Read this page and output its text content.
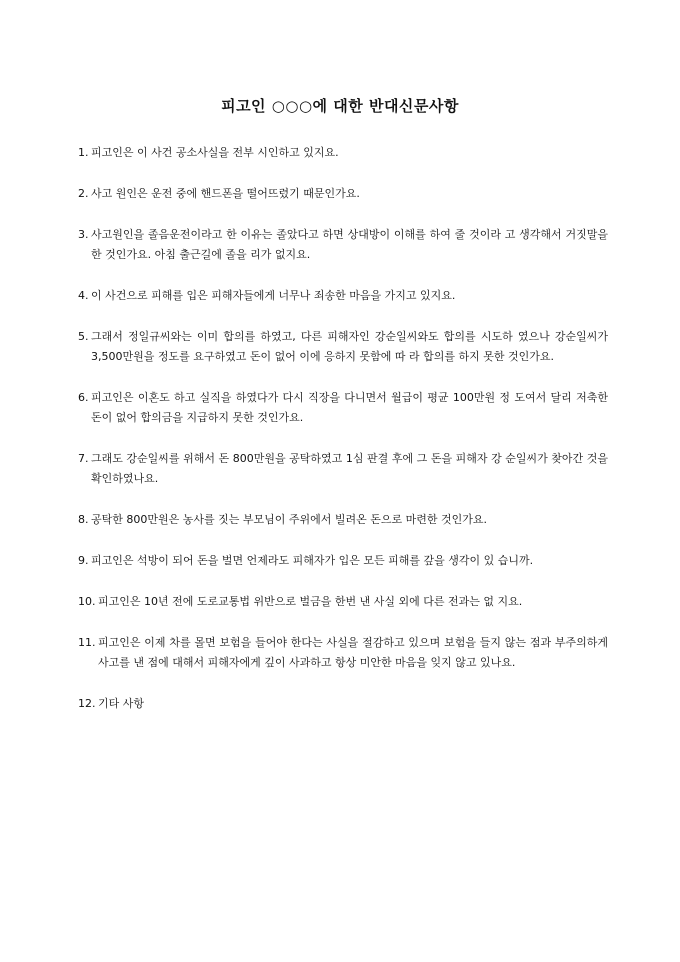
피고인 ○○○에 대한 반대신문사항
1. 피고인은 이 사건 공소사실을 전부 시인하고 있지요.
2. 사고 원인은 운전 중에 핸드폰을 떨어뜨렸기 때문인가요.
3. 사고원인을 졸음운전이라고 한 이유는 졸았다고 하면 상대방이 이해를 하여 줄 것이라 고 생각해서 거짓말을 한 것인가요. 아침 출근길에 졸을 리가 없지요.
4. 이 사건으로 피해를 입은 피해자들에게 너무나 죄송한 마음을 가지고 있지요.
5. 그래서 정일규씨와는 이미 합의를 하였고, 다른 피해자인 강순일씨와도 합의를 시도하 였으나 강순일씨가 3,500만원을 정도를 요구하였고 돈이 없어 이에 응하지 못함에 따 라 합의를 하지 못한 것인가요.
6. 피고인은 이혼도 하고 실직을 하였다가 다시 직장을 다니면서 월급이 평균 100만원 정 도여서 달리 저축한 돈이 없어 합의금을 지급하지 못한 것인가요.
7. 그래도 강순일씨를 위해서 돈 800만원을 공탁하였고 1심 판결 후에 그 돈을 피해자 강 순일씨가 찾아간 것을 확인하였나요.
8. 공탁한 800만원은 농사를 짓는 부모님이 주위에서 빌려온 돈으로 마련한 것인가요.
9. 피고인은 석방이 되어 돈을 벌면 언제라도 피해자가 입은 모든 피해를 갚을 생각이 있 습니까.
10. 피고인은 10년 전에 도로교통법 위반으로 벌금을 한번 낸 사실 외에 다른 전과는 없 지요.
11. 피고인은 이제 차를 몰면 보험을 들어야 한다는 사실을 절감하고 있으며 보험을 들지 않는 점과 부주의하게 사고를 낸 점에 대해서 피해자에게 깊이 사과하고 항상 미안한 마음을 잊지 않고 있나요.
12. 기타 사항
